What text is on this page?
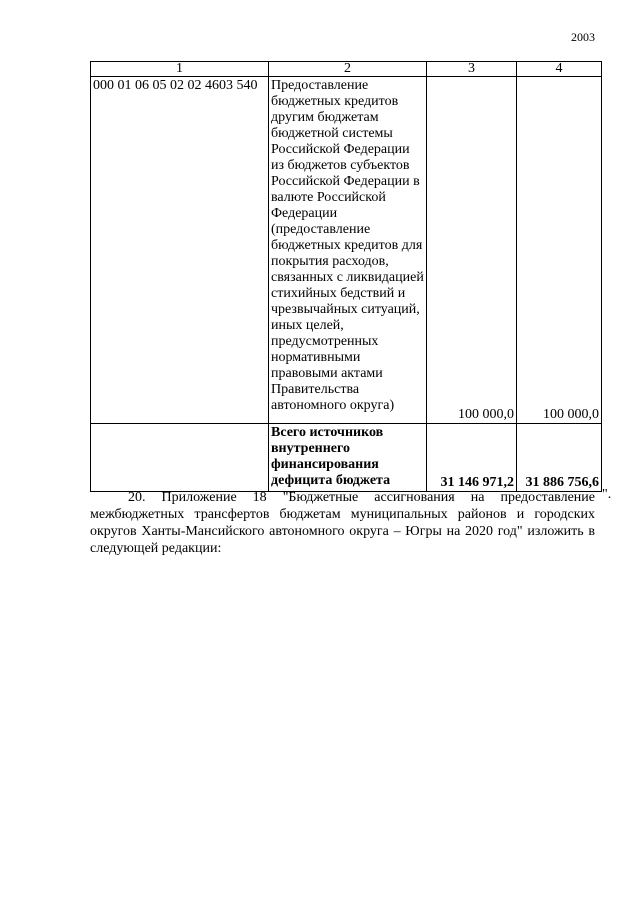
2003
1	2	3	4
000 01 06 05 02 02 4603 540	Предоставление бюджетных кредитов другим бюджетам бюджетной системы Российской Федерации из бюджетов субъектов Российской Федерации в валюте Российской Федерации (предоставление бюджетных кредитов для покрытия расходов, связанных с ликвидацией стихийных бедствий и чрезвычайных ситуаций, иных целей, предусмотренных нормативными правовыми актами Правительства автономного округа)	100 000,0	100 000,0
	Всего источников внутреннего финансирования дефицита бюджета	31 146 971,2	31 886 756,6
".

20. Приложение 18 "Бюджетные ассигнования на предоставление межбюджетных трансфертов бюджетам муниципальных районов и городских округов Ханты-Мансийского автономного округа – Югры на 2020 год" изложить в следующей редакции:
